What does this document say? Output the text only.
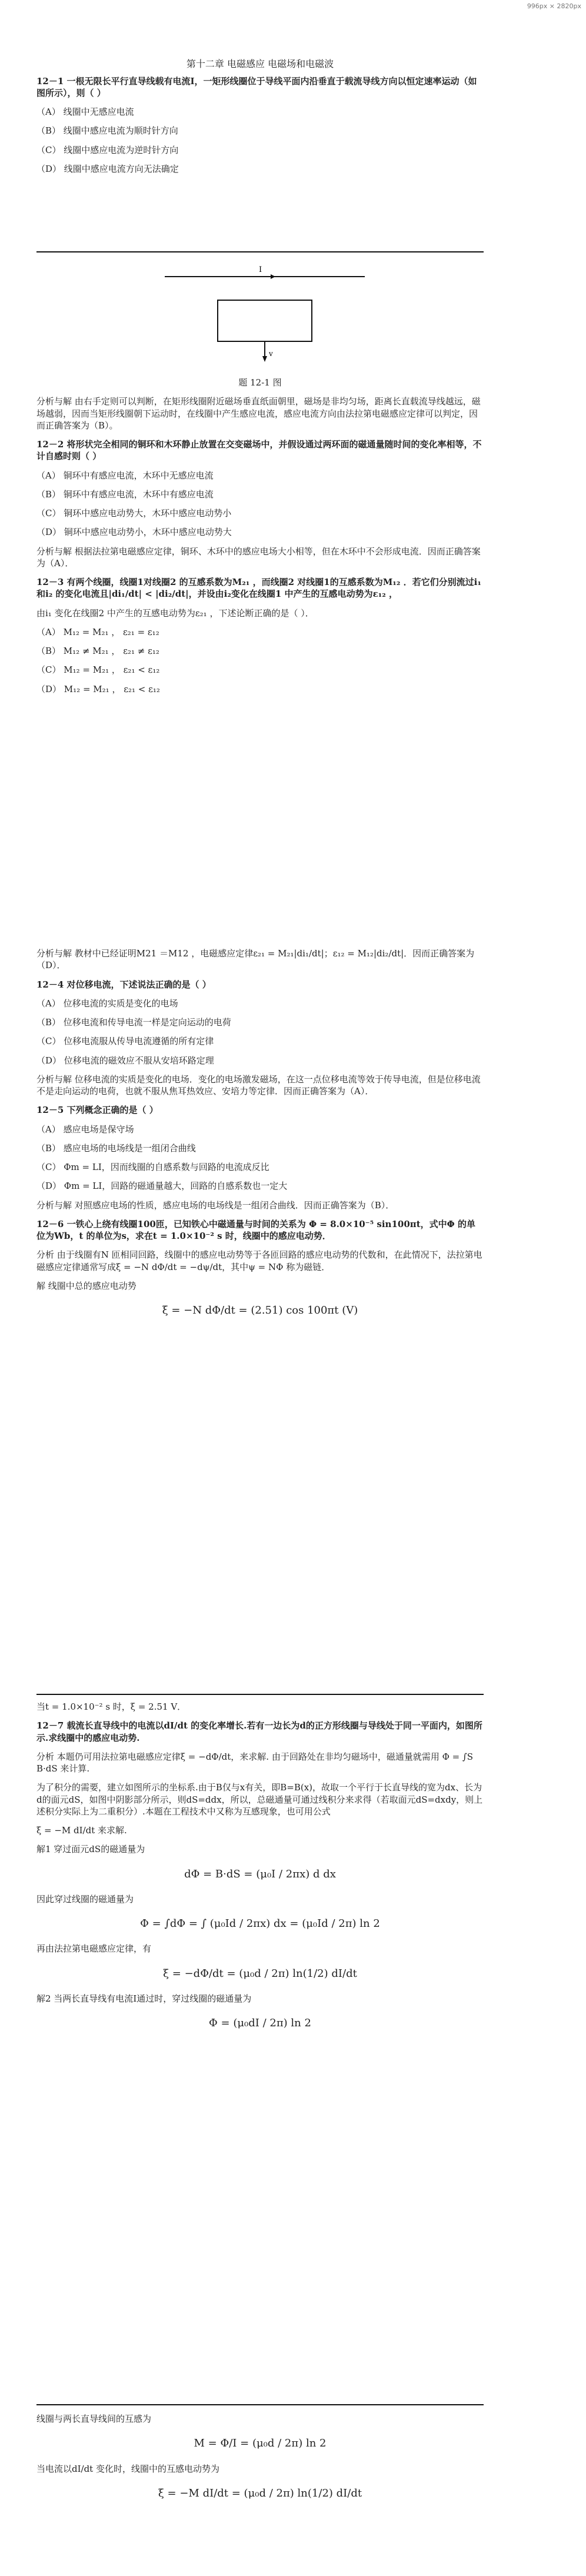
996px × 2820px
第十二章 电磁感应 电磁场和电磁波

12－1 一根无限长平行直导线载有电流I，一矩形线圈位于导线平面内沿垂直于载流导线方向以恒定速率运动（如图所示），则（ ）

（A） 线圈中无感应电流

（B） 线圈中感应电流为顺时针方向

（C） 线圈中感应电流为逆时针方向

（D） 线圈中感应电流方向无法确定

I
v

题 12-1 图

分析与解 由右手定则可以判断，在矩形线圈附近磁场垂直纸面朝里，磁场是非均匀场，距离长直载流导线越远，磁场越弱，因而当矩形线圈朝下运动时，在线圈中产生感应电流，感应电流方向由法拉第电磁感应定律可以判定，因而正确答案为（B）。

12－2 将形状完全相同的铜环和木环静止放置在交变磁场中，并假设通过两环面的磁通量随时间的变化率相等，不计自感时则（ ）

（A） 铜环中有感应电流，木环中无感应电流

（B） 铜环中有感应电流，木环中有感应电流

（C） 铜环中感应电动势大，木环中感应电动势小

（D） 铜环中感应电动势小，木环中感应电动势大

分析与解 根据法拉第电磁感应定律，铜环、木环中的感应电场大小相等，但在木环中不会形成电流．因而正确答案为（A）．

12－3 有两个线圈，线圈1对线圈2 的互感系数为M₂₁ ，而线圈2 对线圈1的互感系数为M₁₂ ．若它们分别流过i₁ 和i₂ 的变化电流且|di₁/dt| < |di₂/dt|，并设由i₂变化在线圈1 中产生的互感电动势为ε₁₂ ，

由i₁ 变化在线圈2 中产生的互感电动势为ε₂₁ ，下述论断正确的是（ ）．

（A） M₁₂ = M₂₁ ， ε₂₁ = ε₁₂

（B） M₁₂ ≠ M₂₁ ， ε₂₁ ≠ ε₁₂

（C） M₁₂ = M₂₁ ， ε₂₁ < ε₁₂

（D） M₁₂ = M₂₁ ， ε₂₁ < ε₁₂

分析与解 教材中已经证明M21 ＝M12 ，电磁感应定律ε₂₁ = M₂₁|di₁/dt|；ε₁₂ = M₁₂|di₂/dt|．因而正确答案为（D）．

12－4 对位移电流，下述说法正确的是（ ）

（A） 位移电流的实质是变化的电场

（B） 位移电流和传导电流一样是定向运动的电荷

（C） 位移电流服从传导电流遵循的所有定律

（D） 位移电流的磁效应不服从安培环路定理

分析与解 位移电流的实质是变化的电场．变化的电场激发磁场，在这一点位移电流等效于传导电流，但是位移电流不是走向运动的电荷，也就不服从焦耳热效应、安培力等定律．因而正确答案为（A）．

12－5 下列概念正确的是（ ）

（A） 感应电场是保守场

（B） 感应电场的电场线是一组闭合曲线

（C） Φm = LI，因而线圈的自感系数与回路的电流成反比

（D） Φm = LI，回路的磁通量越大，回路的自感系数也一定大

分析与解 对照感应电场的性质，感应电场的电场线是一组闭合曲线．因而正确答案为（B）．

12－6 一铁心上绕有线圈100匝，已知铁心中磁通量与时间的关系为 Φ = 8.0×10⁻⁵ sin100πt，式中Φ 的单位为Wb，t 的单位为s，求在t = 1.0×10⁻² s 时，线圈中的感应电动势．

分析 由于线圈有N 匝相同回路，线圈中的感应电动势等于各匝回路的感应电动势的代数和，在此情况下，法拉第电磁感应定律通常写成ξ = −N dΦ/dt = −dψ/dt，其中ψ = NΦ 称为磁链．

解 线圈中总的感应电动势

ξ = −N dΦ/dt = (2.51) cos 100πt (V)

当t = 1.0×10⁻² s 时，ξ = 2.51 V．

12－7 载流长直导线中的电流以dI/dt 的变化率增长.若有一边长为d的正方形线圈与导线处于同一平面内，如图所示.求线圈中的感应电动势.

分析 本题仍可用法拉第电磁感应定律ξ = −dΦ/dt，来求解. 由于回路处在非均匀磁场中，磁通量就需用 Φ = ∫S B·dS 来计算.

为了积分的需要，建立如图所示的坐标系.由于B仅与x有关，即B=B(x)，故取一个平行于长直导线的宽为dx、长为d的面元dS，如图中阴影部分所示，则dS=ddx，所以，总磁通量可通过线积分来求得（若取面元dS=dxdy，则上述积分实际上为二重积分）.本题在工程技术中又称为互感现象，也可用公式

ξ = −M dI/dt 来求解.

解1 穿过面元dS的磁通量为

dΦ = B·dS = (μ₀I / 2πx) d dx

因此穿过线圈的磁通量为

Φ = ∫dΦ = ∫ (μ₀Id / 2πx) dx = (μ₀Id / 2π) ln 2

再由法拉第电磁感应定律，有

ξ = −dΦ/dt = (μ₀d / 2π) ln(1/2) dI/dt

解2 当两长直导线有电流I通过时，穿过线圈的磁通量为

Φ = (μ₀dI / 2π) ln 2

线圈与两长直导线间的互感为

M = Φ/I = (μ₀d / 2π) ln 2

当电流以dI/dt 变化时，线圈中的互感电动势为

ξ = −M dI/dt = (μ₀d / 2π) ln(1/2) dI/dt
